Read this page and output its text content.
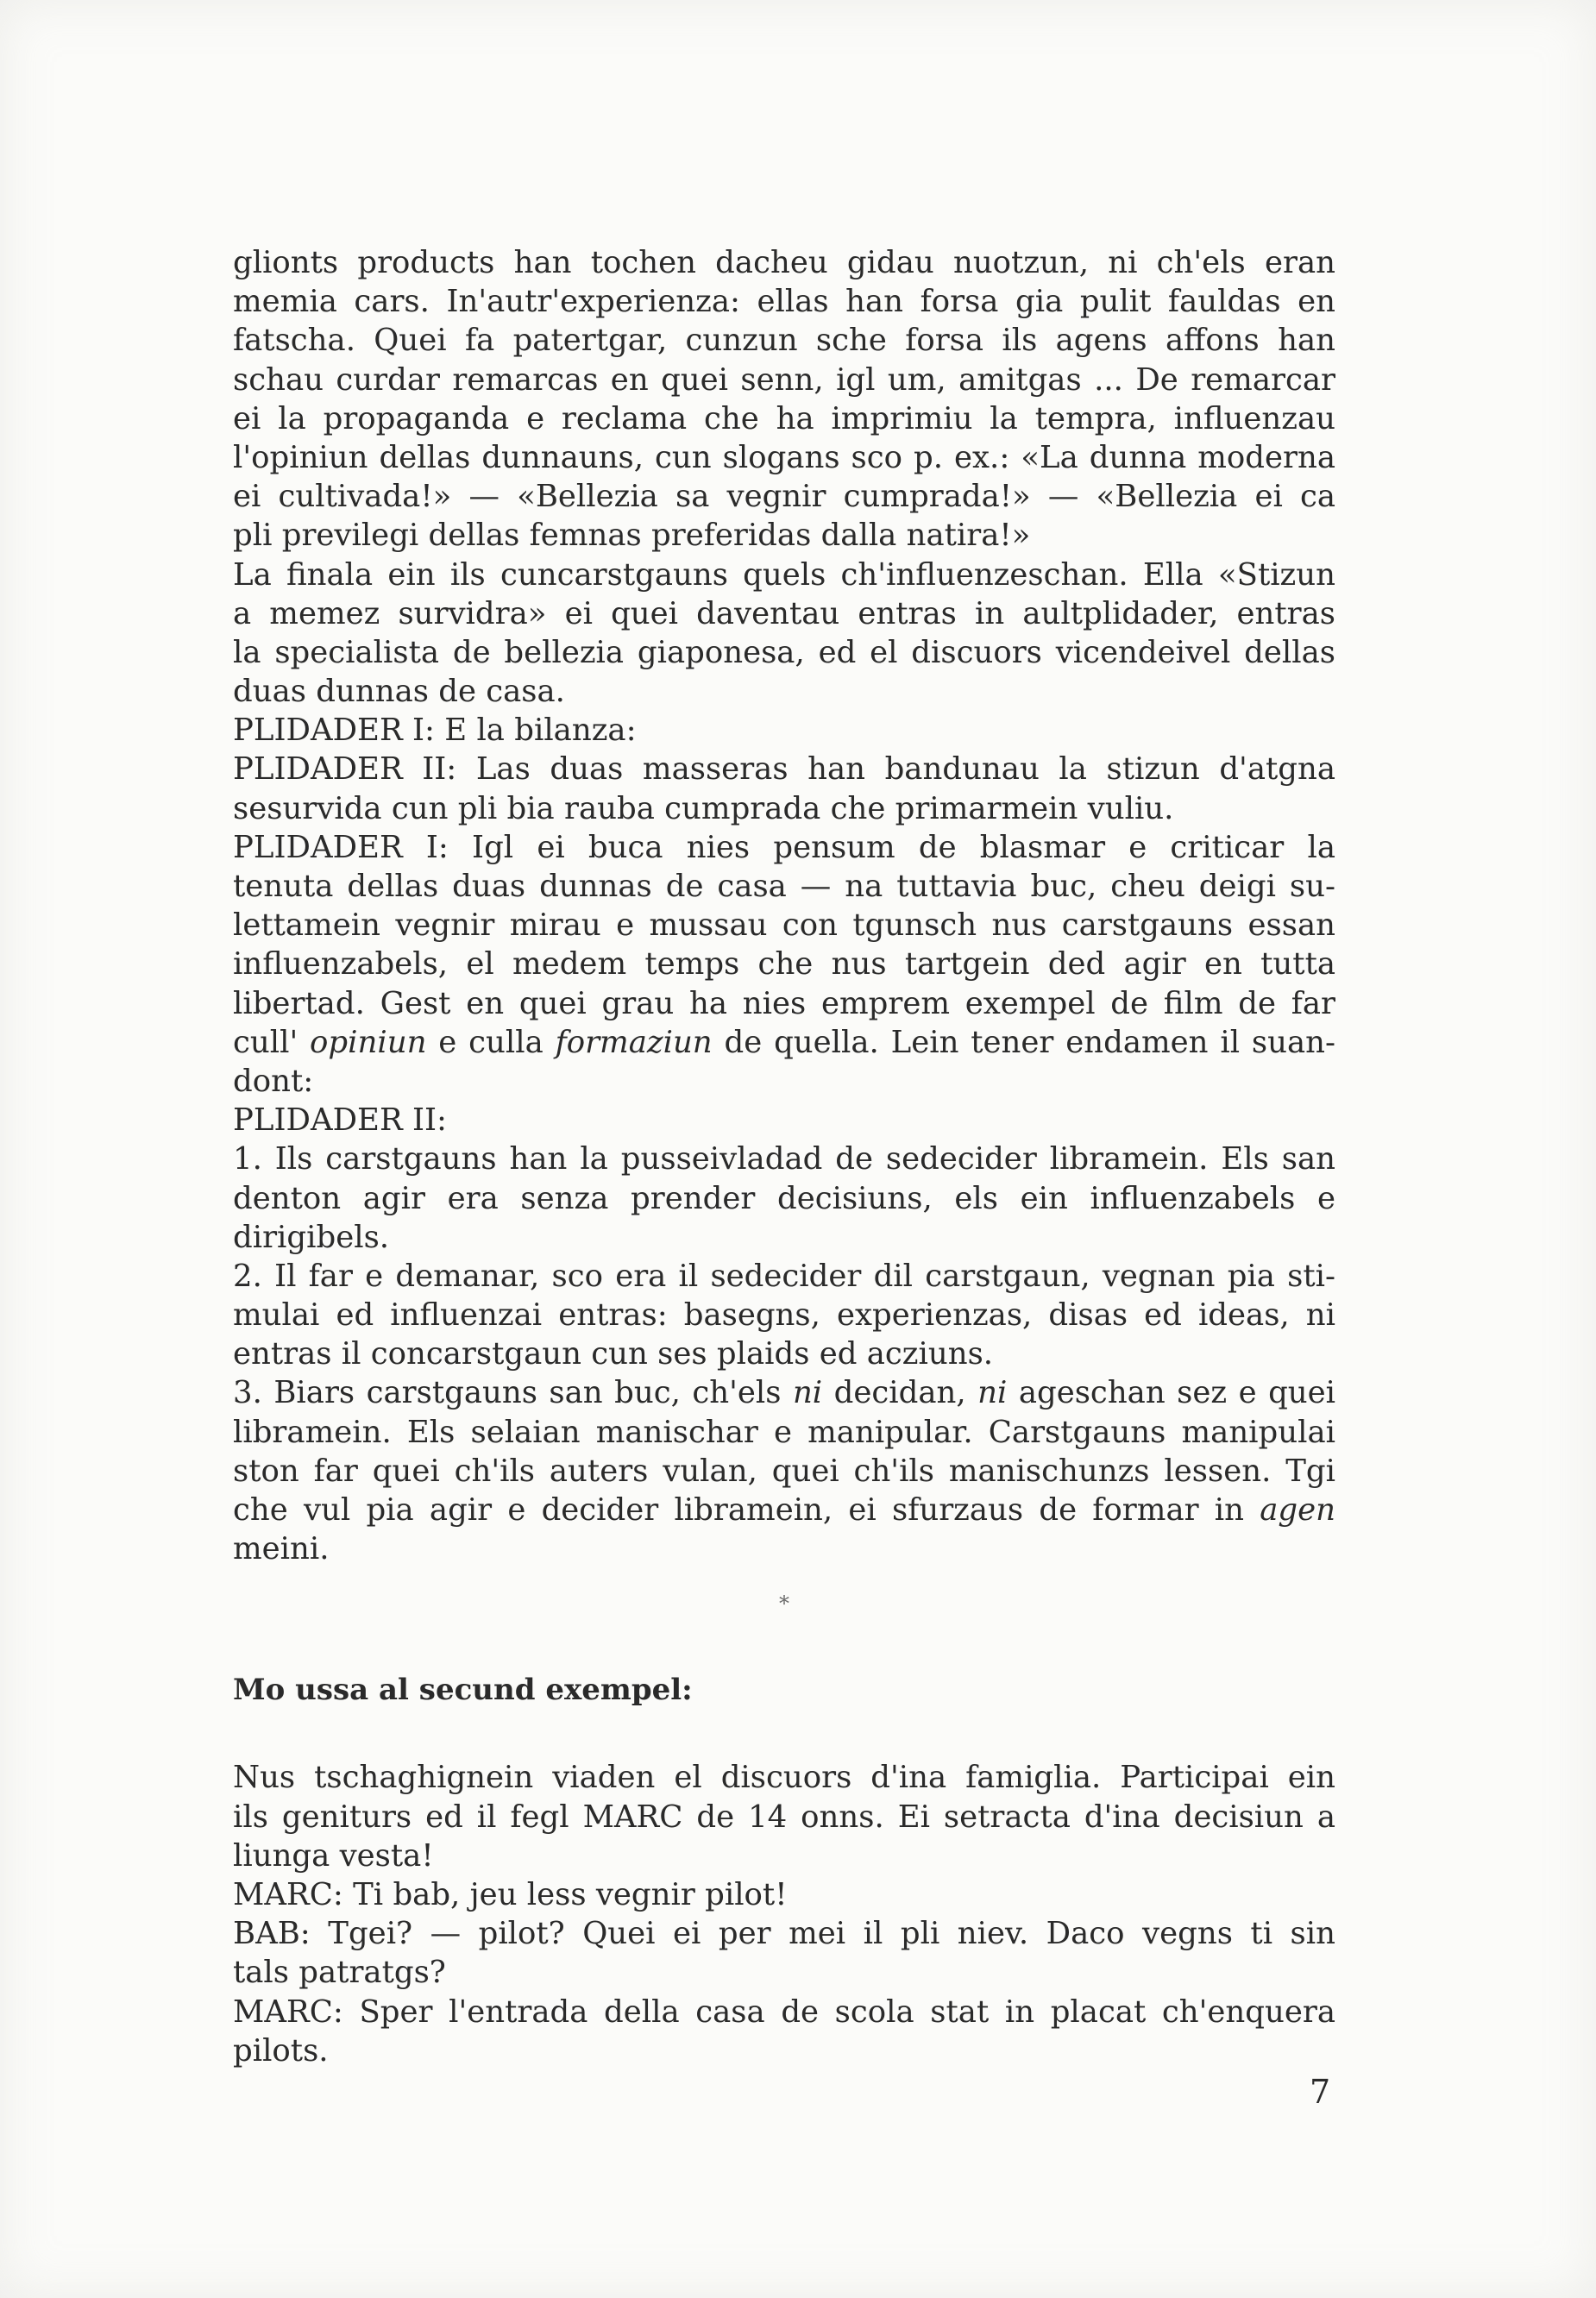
glionts products han tochen dacheu gidau nuotzun, ni ch'els eran
memia cars. In'autr'experienza: ellas han forsa gia pulit fauldas en
fatscha. Quei fa patertgar, cunzun sche forsa ils agens affons han
schau curdar remarcas en quei senn, igl um, amitgas ... De remarcar
ei la propaganda e reclama che ha imprimiu la tempra, influenzau
l'opiniun dellas dunnauns, cun slogans sco p. ex.: «La dunna moderna
ei cultivada!» — «Bellezia sa vegnir cumprada!» — «Bellezia ei ca
pli previlegi dellas femnas preferidas dalla natira!»
La finala ein ils cuncarstgauns quels ch'influenzeschan. Ella «Stizun
a memez survidra» ei quei daventau entras in aultplidader, entras
la specialista de bellezia giaponesa, ed el discuors vicendeivel dellas
duas dunnas de casa.
PLIDADER I: E la bilanza:
PLIDADER II: Las duas masseras han bandunau la stizun d'atgna
sesurvida cun pli bia rauba cumprada che primarmein vuliu.
PLIDADER I: Igl ei buca nies pensum de blasmar e criticar la
tenuta dellas duas dunnas de casa — na tuttavia buc, cheu deigi su-
lettamein vegnir mirau e mussau con tgunsch nus carstgauns essan
influenzabels, el medem temps che nus tartgein ded agir en tutta
libertad. Gest en quei grau ha nies emprem exempel de film de far
cull' opiniun e culla formaziun de quella. Lein tener endamen il suan-
dont:
PLIDADER II:
1. Ils carstgauns han la pusseivladad de sedecider libramein. Els san
denton agir era senza prender decisiuns, els ein influenzabels e
dirigibels.
2. Il far e demanar, sco era il sedecider dil carstgaun, vegnan pia sti-
mulai ed influenzai entras: basegns, experienzas, disas ed ideas, ni
entras il concarstgaun cun ses plaids ed acziuns.
3. Biars carstgauns san buc, ch'els ni decidan, ni ageschan sez e quei
libramein. Els selaian manischar e manipular. Carstgauns manipulai
ston far quei ch'ils auters vulan, quei ch'ils manischunzs lessen. Tgi
che vul pia agir e decider libramein, ei sfurzaus de formar in agen
meini.
*
Mo ussa al secund exempel:
Nus tschaghignein viaden el discuors d'ina famiglia. Participai ein
ils geniturs ed il fegl MARC de 14 onns. Ei setracta d'ina decisiun a
liunga vesta!
MARC: Ti bab, jeu less vegnir pilot!
BAB: Tgei? — pilot? Quei ei per mei il pli niev. Daco vegns ti sin
tals patratgs?
MARC: Sper l'entrada della casa de scola stat in placat ch'enquera
pilots.
7
